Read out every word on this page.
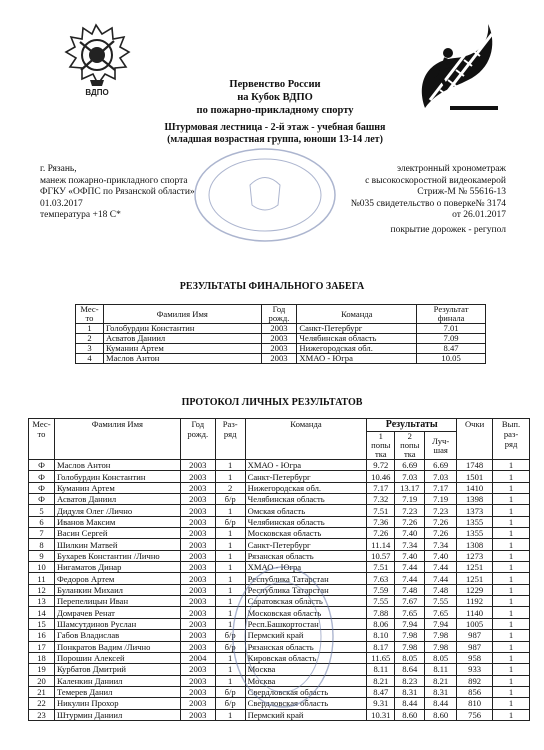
ВДПО
Первенство России
на Кубок ВДПО
по пожарно-прикладному спорту
Штурмовая лестница - 2-й этаж - учебная башня
(младшая возрастная группа, юноши 13-14 лет)
г. Рязань,
манеж пожарно-прикладного спорта
ФГКУ «ОФПС по Рязанской области»
01.03.2017
температура +18 С*
электронный хронометраж
с высокоскоростной видеокамерой
Стриж-М № 55616-13
№035 свидетельство о поверке№ 3174
от 26.01.2017
покрытие дорожек - регупол
РЕЗУЛЬТАТЫ ФИНАЛЬНОГО ЗАБЕГА
Мес-
то	Фамилия Имя	Год
рожд.	Команда	Результат
финала
1	Голобурдин Константин	2003	Санкт-Петербург	7.01
2	Асватов Даниил	2003	Челябинская область	7.09
3	Куманин Артем	2003	Нижегородская обл.	8.47
4	Маслов Антон	2003	ХМАО - Югра	10.05
ПРОТОКОЛ ЛИЧНЫХ РЕЗУЛЬТАТОВ
Мес-
то	Фамилия Имя	Год
рожд.	Раз-
ряд	Команда	Результаты			Очки	Вып.
раз-
ряд
					1
попы
тка	2
попы
тка	Луч-
шая		
Ф	Маслов Антон	2003	1	ХМАО - Югра	9.72	6.69	6.69	1748	1
Ф	Голобурдин Константин	2003	1	Санкт-Петербург	10.46	7.03	7.03	1501	1
Ф	Куманин Артем	2003	2	Нижегородская обл.	7.17	13.17	7.17	1410	1
Ф	Асватов Даниил	2003	б/р	Челябинская область	7.32	7.19	7.19	1398	1
5	Дидуля Олег /Лично	2003	1	Омская область	7.51	7.23	7.23	1373	1
6	Иванов Максим	2003	б/р	Челябинская область	7.36	7.26	7.26	1355	1
7	Васин Сергей	2003	1	Московская область	7.26	7.40	7.26	1355	1
8	Шилкин Матвей	2003	1	Санкт-Петербург	11.14	7.34	7.34	1308	1
9	Бухарев Константин /Лично	2003	1	Рязанская область	10.57	7.40	7.40	1273	1
10	Нигаматов Динар	2003	1	ХМАО - Югра	7.51	7.44	7.44	1251	1
11	Федоров Артем	2003	1	Республика Татарстан	7.63	7.44	7.44	1251	1
12	Буланкин Михаил	2003	1	Республика Татарстан	7.59	7.48	7.48	1229	1
13	Перепелицын Иван	2003	1	Саратовская область	7.55	7.67	7.55	1192	1
14	Домрачев Ренат	2003	1	Московская область	7.88	7.65	7.65	1140	1
15	Шамсутдинов Руслан	2003	1	Респ.Башкортостан	8.06	7.94	7.94	1005	1
16	Габов Владислав	2003	б/р	Пермский край	8.10	7.98	7.98	987	1
17	Понкратов Вадим /Лично	2003	б/р	Рязанская область	8.17	7.98	7.98	987	1
18	Порошин Алексей	2004	1	Кировская область	11.65	8.05	8.05	958	1
19	Курбатов Дмитрий	2003	1	Москва	8.11	8.64	8.11	933	1
20	Каленкин Даниил	2003	1	Москва	8.21	8.23	8.21	892	1
21	Темерев Данил	2003	б/р	Свердловская область	8.47	8.31	8.31	856	1
22	Никулин Прохор	2003	б/р	Свердловская область	9.31	8.44	8.44	810	1
23	Штурмин Даниил	2003	1	Пермский край	10.31	8.60	8.60	756	1
